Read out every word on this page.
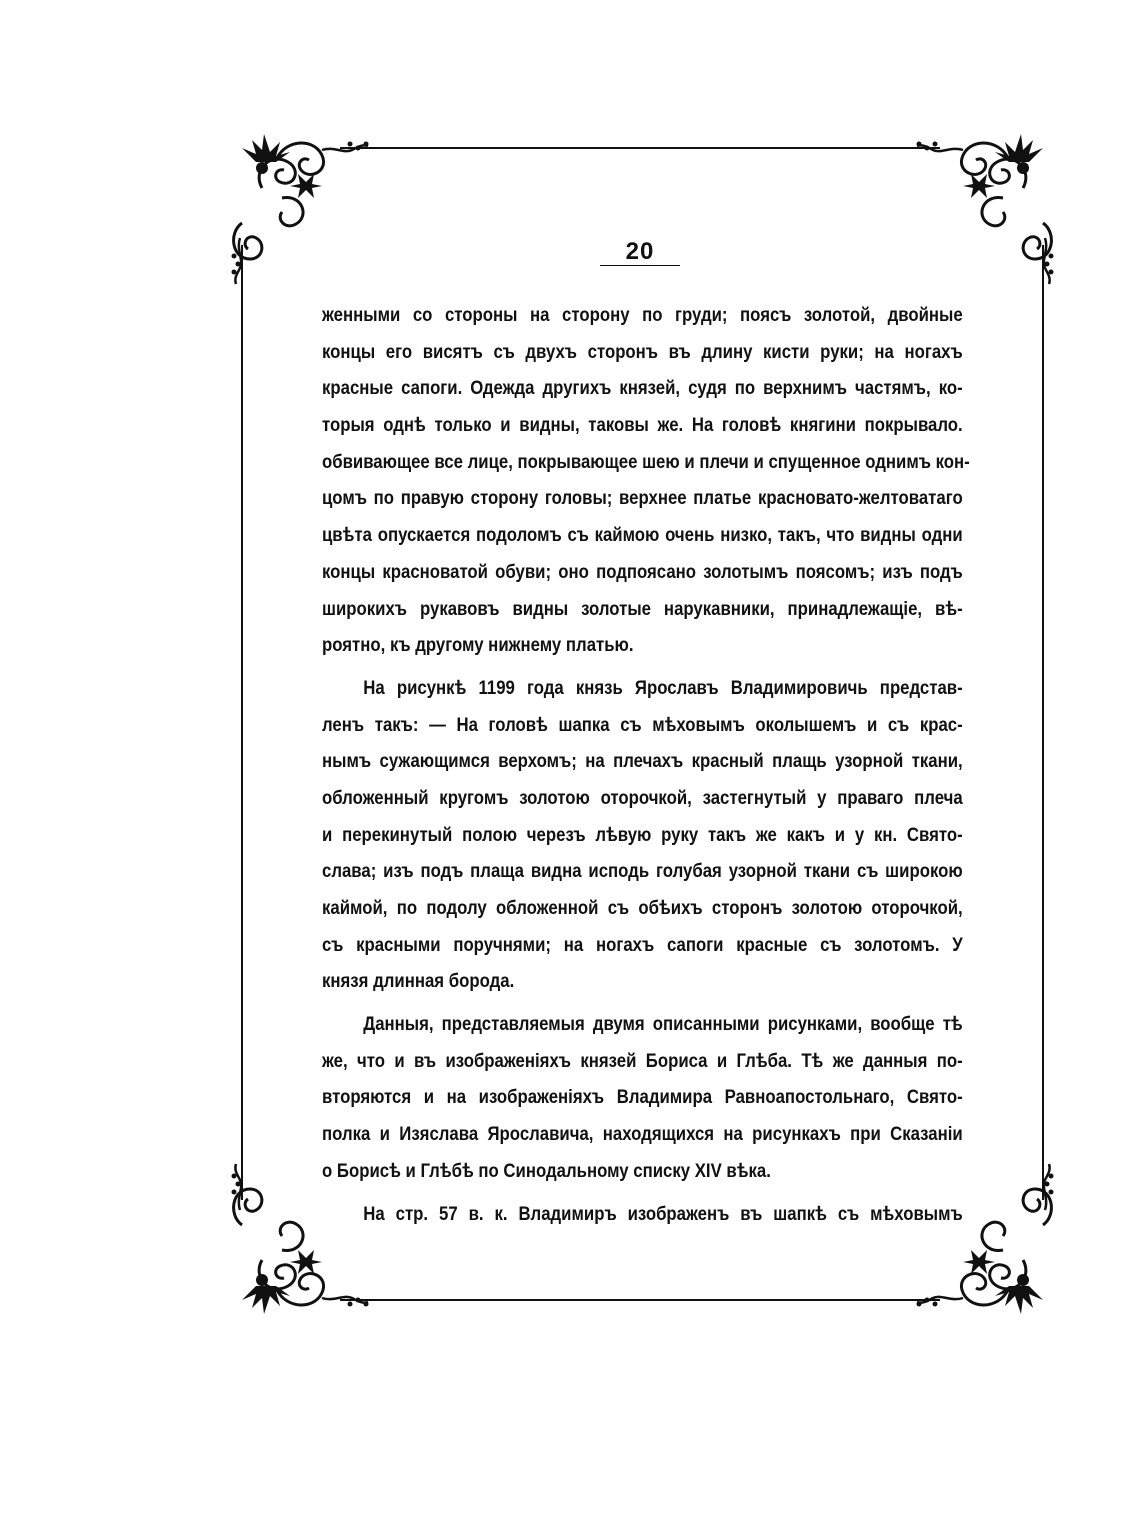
20
женными со стороны на сторону по груди; поясъ золотой, двойные
концы его висятъ съ двухъ сторонъ въ длину кисти руки; на ногахъ
красные сапоги. Одежда другихъ князей, судя по верхнимъ частямъ, ко-
торыя однѣ только и видны, таковы же. На головѣ княгини покрывало.
обвивающее все лице, покрывающее шею и плечи и спущенное однимъ кон-
цомъ по правую сторону головы; верхнее платье красновато-желтоватаго
цвѣта опускается подоломъ съ каймою очень низко, такъ, что видны одни
концы красноватой обуви; оно подпоясано золотымъ поясомъ; изъ подъ
широкихъ рукавовъ видны золотые нарукавники, принадлежащіе, вѣ-
роятно, къ другому нижнему платью.
На рисункѣ 1199 года князь Ярославъ Владимировичь представ-
ленъ такъ: — На головѣ шапка съ мѣховымъ околышемъ и съ крас-
нымъ сужающимся верхомъ; на плечахъ красный плащь узорной ткани,
обложенный кругомъ золотою оторочкой, застегнутый у праваго плеча
и перекинутый полою черезъ лѣвую руку такъ же какъ и у кн. Свято-
слава; изъ подъ плаща видна исподь голубая узорной ткани съ широкою
каймой, по подолу обложенной съ обѣихъ сторонъ золотою оторочкой,
съ красными поручнями; на ногахъ сапоги красные съ золотомъ. У
князя длинная борода.
Данныя, представляемыя двумя описанными рисунками, вообще тѣ
же, что и въ изображеніяхъ князей Бориса и Глѣба. Тѣ же данныя по-
вторяются и на изображеніяхъ Владимира Равноапостольнаго, Свято-
полка и Изяслава Ярославича, находящихся на рисункахъ при Сказаніи
о Борисѣ и Глѣбѣ по Синодальному списку XIV вѣка.
На стр. 57 в. к. Владимиръ изображенъ въ шапкѣ съ мѣховымъ
